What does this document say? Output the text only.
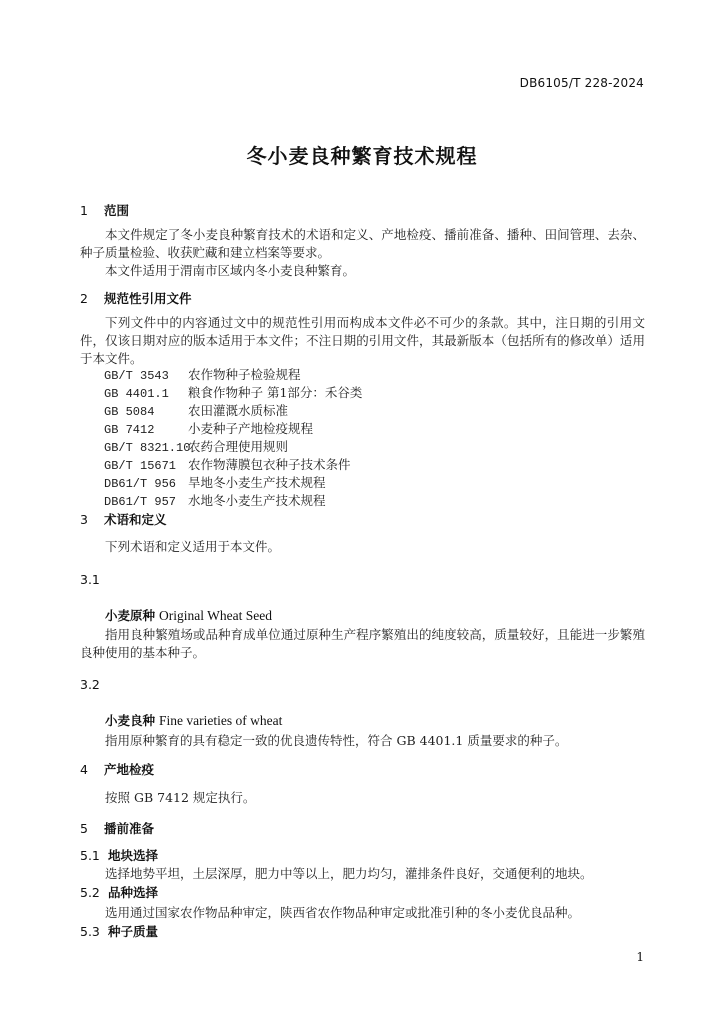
DB6105/T 228-2024
冬小麦良种繁育技术规程
1 范围
本文件规定了冬小麦良种繁育技术的术语和定义、产地检疫、播前准备、播种、田间管理、去杂、种子质量检验、收获贮藏和建立档案等要求。
本文件适用于渭南市区域内冬小麦良种繁育。
2 规范性引用文件
下列文件中的内容通过文中的规范性引用而构成本文件必不可少的条款。其中，注日期的引用文件，仅该日期对应的版本适用于本文件；不注日期的引用文件，其最新版本（包括所有的修改单）适用于本文件。
GB/T 3543 农作物种子检验规程
GB 4401.1 粮食作物种子 第1部分：禾谷类
GB 5084	农田灌溉水质标准
GB 7412	小麦种子产地检疫规程
GB/T 8321.10农药合理使用规则
GB/T 15671 农作物薄膜包衣种子技术条件
DB61/T 956 旱地冬小麦生产技术规程
DB61/T 957 水地冬小麦生产技术规程
3 术语和定义
下列术语和定义适用于本文件。
3.1
小麦原种 Original Wheat Seed
指用良种繁殖场或品种育成单位通过原种生产程序繁殖出的纯度较高，质量较好，且能进一步繁殖良种使用的基本种子。
3.2
小麦良种 Fine varieties of wheat
指用原种繁育的具有稳定一致的优良遗传特性，符合 GB 4401.1 质量要求的种子。
4 产地检疫
按照 GB 7412 规定执行。
5 播前准备
5.1 地块选择
选择地势平坦，土层深厚，肥力中等以上，肥力均匀，灌排条件良好，交通便利的地块。
5.2 品种选择
选用通过国家农作物品种审定，陕西省农作物品种审定或批准引种的冬小麦优良品种。
5.3 种子质量
1
